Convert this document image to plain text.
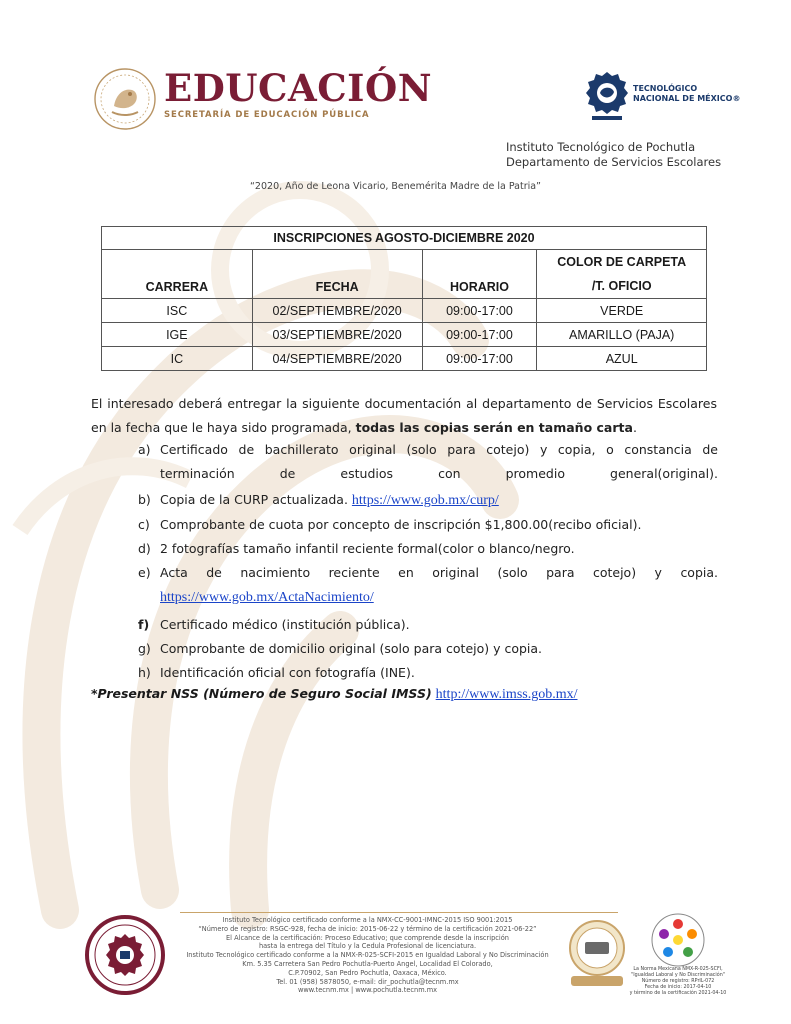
EDUCACIÓN
SECRETARÍA DE EDUCACIÓN PÚBLICA
TECNOLÓGICO
NACIONAL DE MÉXICO®
Instituto Tecnológico de Pochutla
Departamento de Servicios Escolares
“2020, Año de Leona Vicario, Benemérita Madre de la Patria”
INSCRIPCIONES AGOSTO-DICIEMBRE 2020			
CARRERA	FECHA	HORARIO	COLOR DE CARPETA
/T. OFICIO

ISC	02/SEPTIEMBRE/2020	09:00-17:00	VERDE
IGE	03/SEPTIEMBRE/2020	09:00-17:00	AMARILLO (PAJA)
IC	04/SEPTIEMBRE/2020	09:00-17:00	AZUL

El interesado deberá entregar la siguiente documentación al departamento de Servicios Escolares en la fecha que le haya sido programada, todas las copias serán en tamaño carta.

a) Certificado de bachillerato original (solo para cotejo) y copia, o constancia de terminación de estudios con promedio general(original).
b) Copia de la CURP actualizada. https://www.gob.mx/curp/
c) Comprobante de cuota por concepto de inscripción $1,800.00(recibo oficial).
d) 2 fotografías tamaño infantil reciente formal(color o blanco/negro.
e) Acta de nacimiento reciente en original (solo para cotejo) y copia.
https://www.gob.mx/ActaNacimiento/
f) Certificado médico (institución pública).
g) Comprobante de domicilio original (solo para cotejo) y copia.
h) Identificación oficial con fotografía (INE).
*Presentar NSS (Número de Seguro Social IMSS) http://www.imss.gob.mx/
Instituto Tecnológico certificado conforme a la NMX-CC-9001-IMNC-2015 ISO 9001:2015
“Número de registro: RSGC-928, fecha de inicio: 2015-06-22 y término de la certificación 2021-06-22”
El Alcance de la certificación: Proceso Educativo; que comprende desde la inscripción
hasta la entrega del Título y la Cedula Profesional de licenciatura.
Instituto Tecnológico certificado conforme a la NMX-R-025-SCFI-2015 en Igualdad Laboral y No Discriminación
Km. 5.35 Carretera San Pedro Pochutla-Puerto Angel, Localidad El Colorado,
C.P.70902, San Pedro Pochutla, Oaxaca, México.
Tel. 01 (958) 5878050, e-mail: dir_pochutla@tecnm.mx
www.tecnm.mx | www.pochutla.tecnm.mx
La Norma Mexicana NMX-R-025-SCFI,
"Igualdad Laboral y No Discriminación"
Número de registro: RPrIL-072
Fecha de inicio: 2017-04-10
y término de la certificación 2021-04-10
